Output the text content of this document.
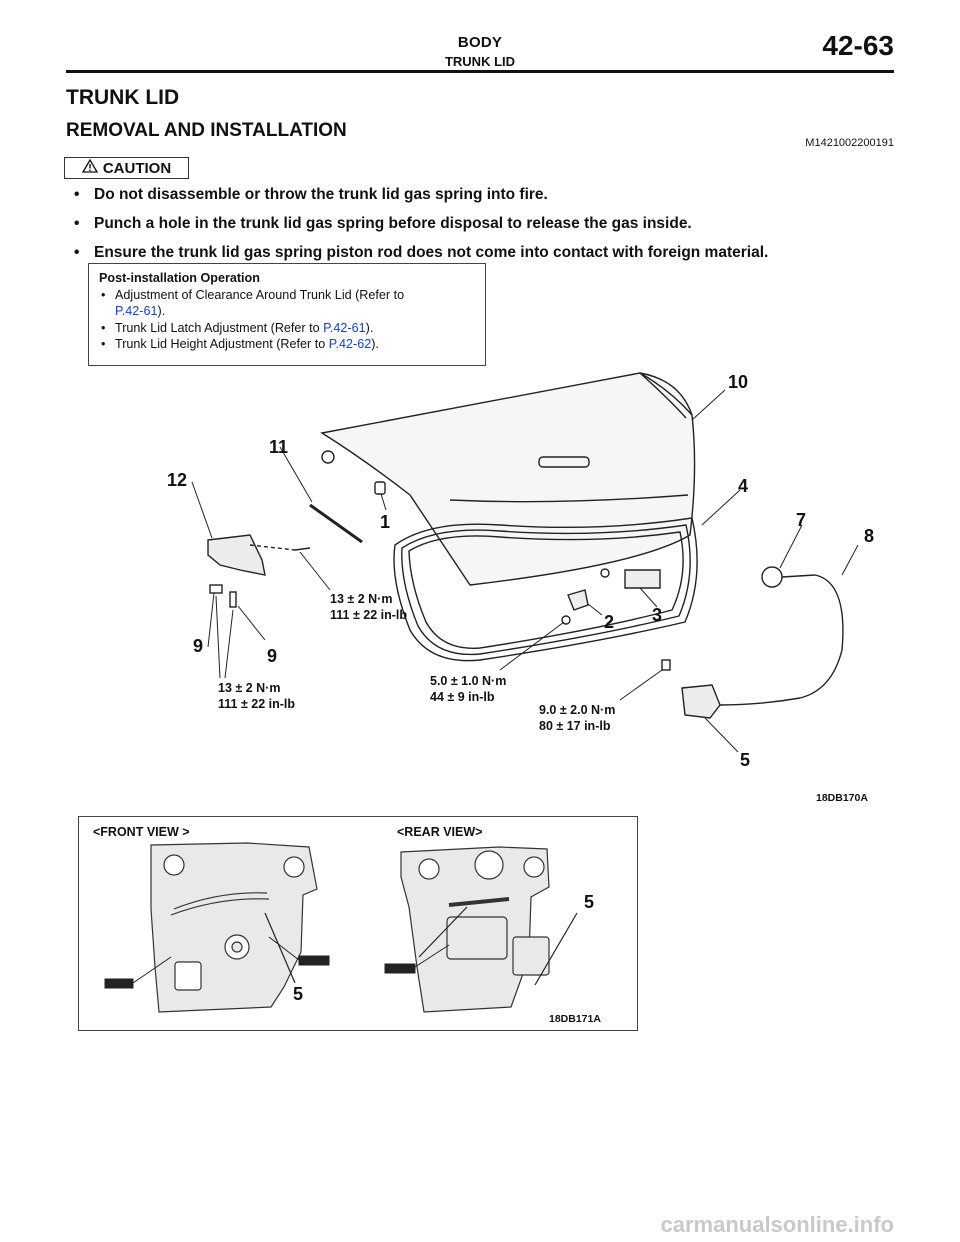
BODY
TRUNK LID
42-63
TRUNK LID
REMOVAL AND INSTALLATION
M1421002200191
CAUTION
• Do not disassemble or throw the trunk lid gas spring into fire.
• Punch a hole in the trunk lid gas spring before disposal to release the gas inside.
• Ensure the trunk lid gas spring piston rod does not come into contact with foreign material.
Post-installation Operation
• Adjustment of Clearance Around Trunk Lid (Refer to
P.42-61).
• Trunk Lid Latch Adjustment (Refer to P.42-61).
• Trunk Lid Height Adjustment (Refer to P.42-62).
10
11
12	4
1	7
8
3
2
9	9
5
13 ± 2 N·m
111 ± 22 in-lb
13 ± 2 N·m
111 ± 22 in-lb
5.0 ± 1.0 N·m
44 ± 9 in-lb
9.0 ± 2.0 N·m
80 ± 17 in-lb
18DB170A
<FRONT VIEW >	<REAR VIEW>
5
5
18DB171A
carmanualsonline.info
